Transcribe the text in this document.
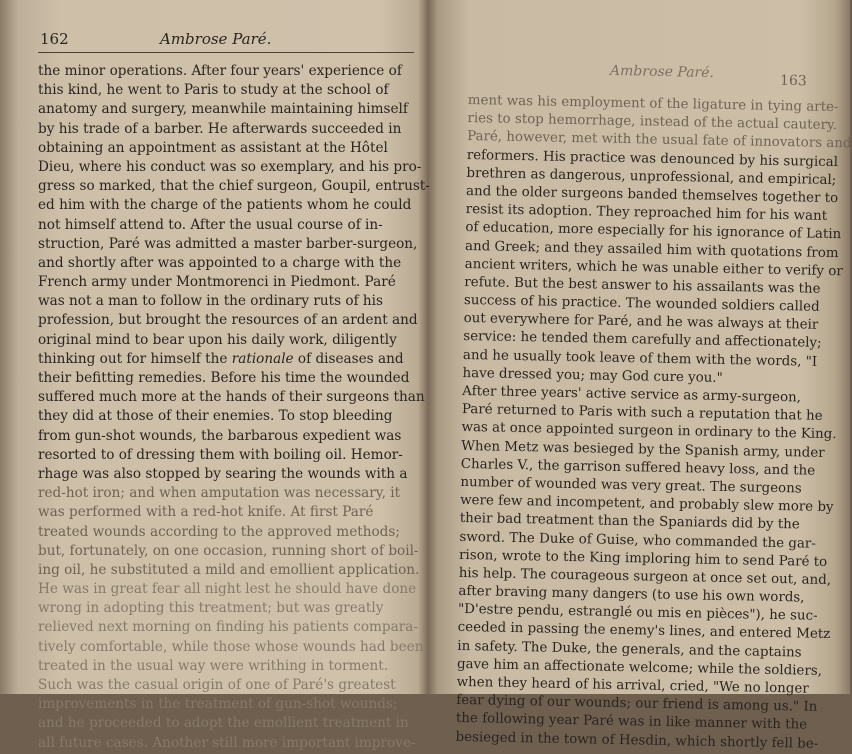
162	Ambrose Paré.
the minor operations. After four years' experience of
this kind, he went to Paris to study at the school of
anatomy and surgery, meanwhile maintaining himself
by his trade of a barber. He afterwards succeeded in
obtaining an appointment as assistant at the Hôtel
Dieu, where his conduct was so exemplary, and his pro-
gress so marked, that the chief surgeon, Goupil, entrust-
ed him with the charge of the patients whom he could
not himself attend to. After the usual course of in-
struction, Paré was admitted a master barber-surgeon,
and shortly after was appointed to a charge with the
French army under Montmorenci in Piedmont. Paré
was not a man to follow in the ordinary ruts of his
profession, but brought the resources of an ardent and
original mind to bear upon his daily work, diligently
thinking out for himself the rationale of diseases and
their befitting remedies. Before his time the wounded
suffered much more at the hands of their surgeons than
they did at those of their enemies. To stop bleeding
from gun-shot wounds, the barbarous expedient was
resorted to of dressing them with boiling oil. Hemor-
rhage was also stopped by searing the wounds with a
red-hot iron; and when amputation was necessary, it
was performed with a red-hot knife. At first Paré
treated wounds according to the approved methods;
but, fortunately, on one occasion, running short of boil-
ing oil, he substituted a mild and emollient application.
He was in great fear all night lest he should have done
wrong in adopting this treatment; but was greatly
relieved next morning on finding his patients compara-
tively comfortable, while those whose wounds had been
treated in the usual way were writhing in torment.
Such was the casual origin of one of Paré's greatest
improvements in the treatment of gun-shot wounds;
and he proceeded to adopt the emollient treatment in
all future cases. Another still more important improve-
Ambrose Paré.	163
ment was his employment of the ligature in tying arte-
ries to stop hemorrhage, instead of the actual cautery.
Paré, however, met with the usual fate of innovators and
reformers. His practice was denounced by his surgical
brethren as dangerous, unprofessional, and empirical;
and the older surgeons banded themselves together to
resist its adoption. They reproached him for his want
of education, more especially for his ignorance of Latin
and Greek; and they assailed him with quotations from
ancient writers, which he was unable either to verify or
refute. But the best answer to his assailants was the
success of his practice. The wounded soldiers called
out everywhere for Paré, and he was always at their
service: he tended them carefully and affectionately;
and he usually took leave of them with the words, "I
have dressed you; may God cure you."
After three years' active service as army-surgeon,
Paré returned to Paris with such a reputation that he
was at once appointed surgeon in ordinary to the King.
When Metz was besieged by the Spanish army, under
Charles V., the garrison suffered heavy loss, and the
number of wounded was very great. The surgeons
were few and incompetent, and probably slew more by
their bad treatment than the Spaniards did by the
sword. The Duke of Guise, who commanded the gar-
rison, wrote to the King imploring him to send Paré to
his help. The courageous surgeon at once set out, and,
after braving many dangers (to use his own words,
"D'estre pendu, estranglé ou mis en pièces"), he suc-
ceeded in passing the enemy's lines, and entered Metz
in safety. The Duke, the generals, and the captains
gave him an affectionate welcome; while the soldiers,
when they heard of his arrival, cried, "We no longer
fear dying of our wounds; our friend is among us." In
the following year Paré was in like manner with the
besieged in the town of Hesdin, which shortly fell be-
